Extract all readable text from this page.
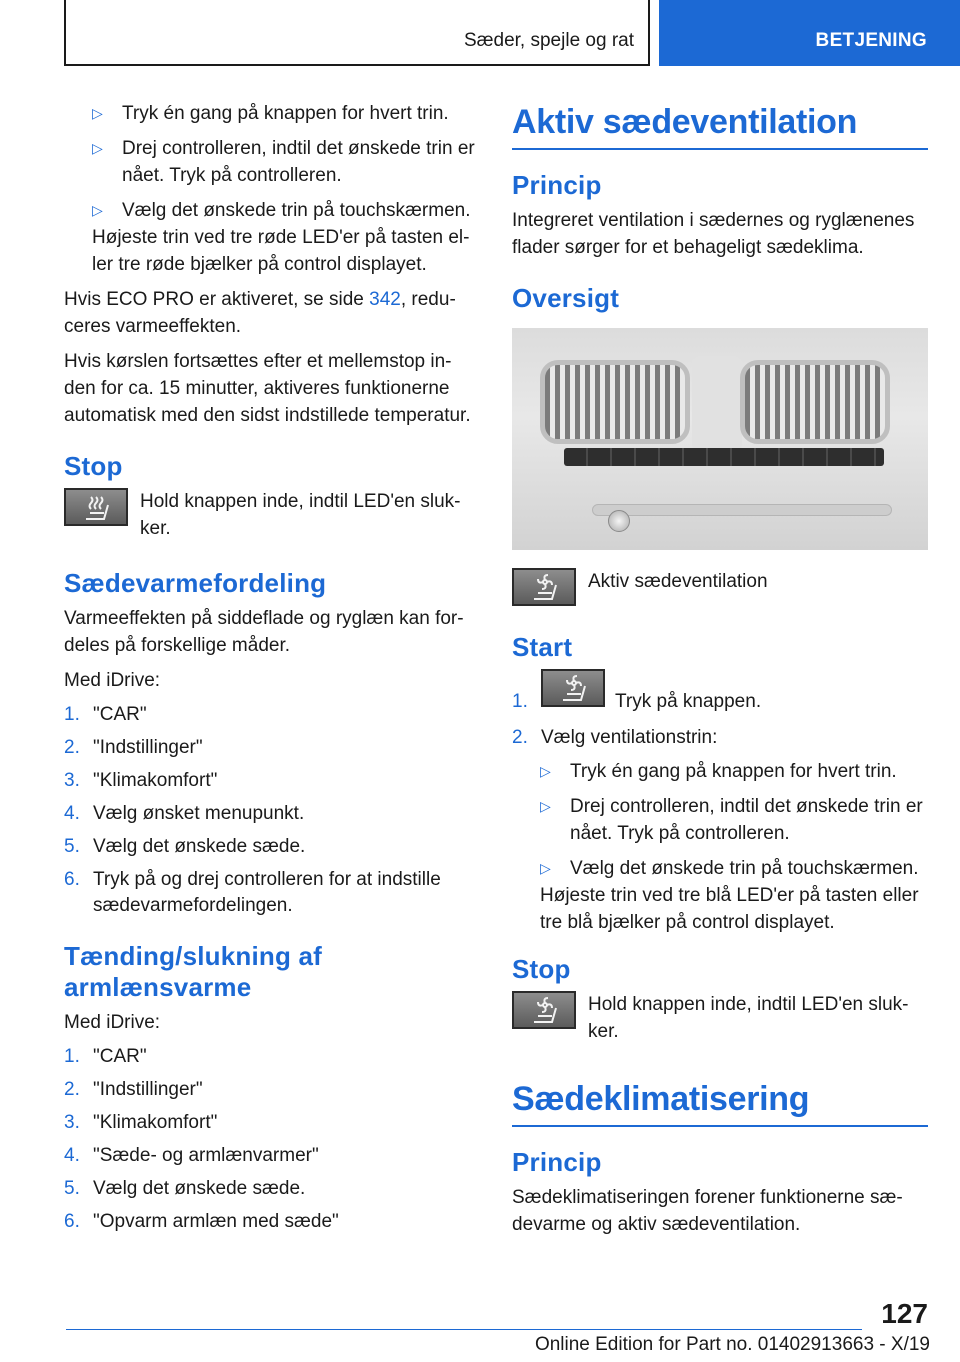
Sæder, spejle og rat	BETJENING
▷ Tryk én gang på knappen for hvert trin.
▷ Drej controlleren, indtil det ønskede trin er nået. Tryk på controlleren.
▷ Vælg det ønskede trin på touchskærmen.

Højeste trin ved tre røde LED'er på tasten el-ler tre røde bjælker på control displayet.

Hvis ECO PRO er aktiveret, se side 342, redu-ceres varmeeffekten.

Hvis kørslen fortsættes efter et mellemstop in-den for ca. 15 minutter, aktiveres funktionerne automatisk med den sidst indstillede temperatur.

Stop
Hold knappen inde, indtil LED'en sluk-ker.
Sædevarmefordeling

Varmeeffekten på siddeflade og ryglæn kan for-deles på forskellige måder.

Med iDrive:

1. "CAR"
2. "Indstillinger"
3. "Klimakomfort"
4. Vælg ønsket menupunkt.
5. Vælg det ønskede sæde.
6. Tryk på og drej controlleren for at indstille sædevarmefordelingen.
Tænding/slukning af armlænsvarme

Med iDrive:

1. "CAR"
2. "Indstillinger"
3. "Klimakomfort"
4. "Sæde- og armlænvarmer"
5. Vælg det ønskede sæde.
6. "Opvarm armlæn med sæde"
Aktiv sædeventilation
Princip

Integreret ventilation i sædernes og ryglænenes flader sørger for et behageligt sædeklima.

Oversigt
Aktiv sædeventilation
Start
1.	Tryk på knappen.
2. Vælg ventilationstrin:
▷ Tryk én gang på knappen for hvert trin.
▷ Drej controlleren, indtil det ønskede trin er nået. Tryk på controlleren.
▷ Vælg det ønskede trin på touchskærmen.

Højeste trin ved tre blå LED'er på tasten eller tre blå bjælker på control displayet.

Stop
Hold knappen inde, indtil LED'en sluk-ker.
Sædeklimatisering
Princip

Sædeklimatiseringen forener funktionerne sæ-devarme og aktiv sædeventilation.

127
Online Edition for Part no. 01402913663 - X/19
